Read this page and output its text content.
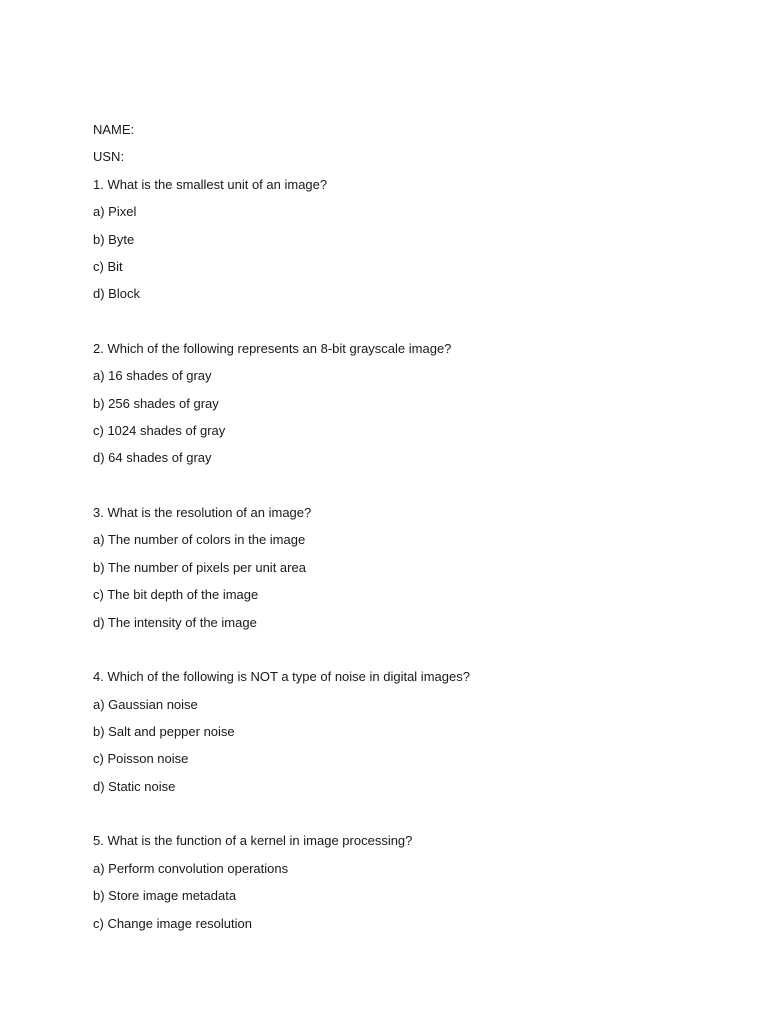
NAME:
USN:
1. What is the smallest unit of an image?
a) Pixel
b) Byte
c) Bit
d) Block
2. Which of the following represents an 8-bit grayscale image?
a) 16 shades of gray
b) 256 shades of gray
c) 1024 shades of gray
d) 64 shades of gray
3. What is the resolution of an image?
a) The number of colors in the image
b) The number of pixels per unit area
c) The bit depth of the image
d) The intensity of the image
4. Which of the following is NOT a type of noise in digital images?
a) Gaussian noise
b) Salt and pepper noise
c) Poisson noise
d) Static noise
5. What is the function of a kernel in image processing?
a) Perform convolution operations
b) Store image metadata
c) Change image resolution
